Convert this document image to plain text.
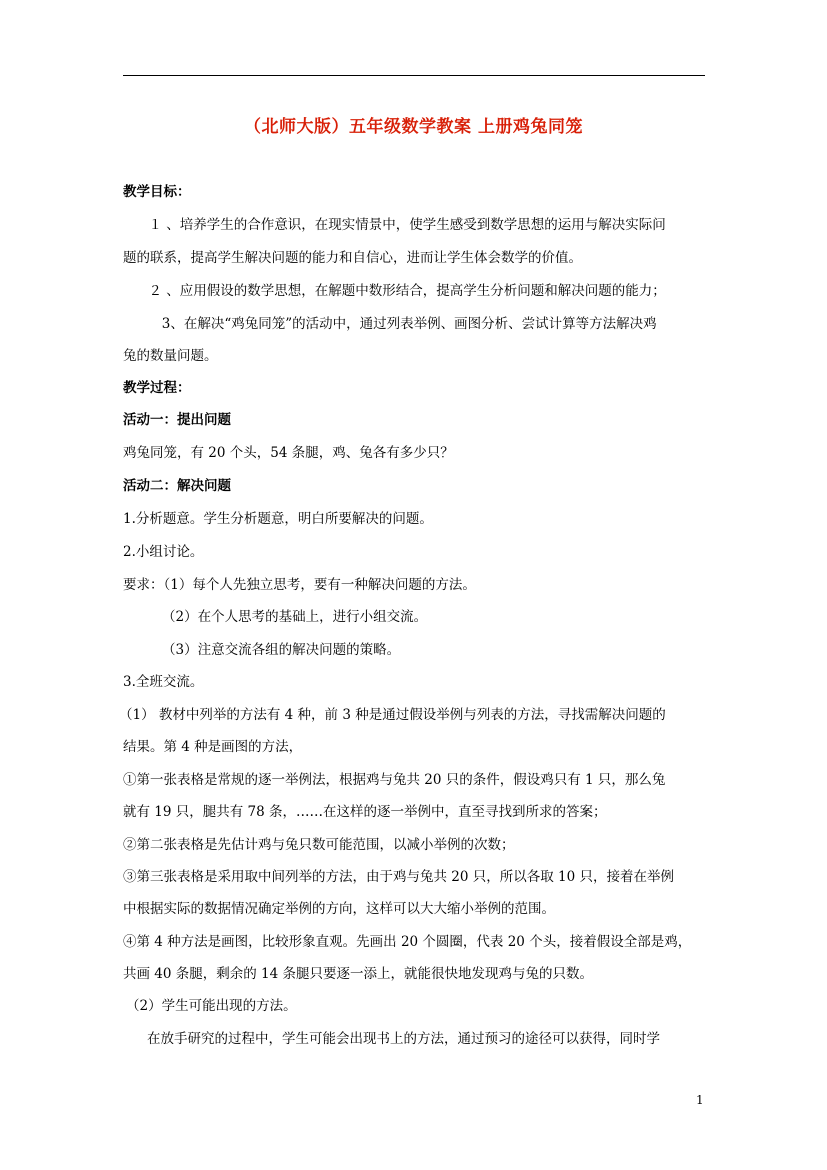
（北师大版）五年级数学教案 上册鸡兔同笼
教学目标：
　１ 、培养学生的合作意识，在现实情景中，使学生感受到数学思想的运用与解决实际问
题的联系，提高学生解决问题的能力和自信心，进而让学生体会数学的价值。
　２ 、应用假设的数学思想，在解题中数形结合，提高学生分析问题和解决问题的能力；
　 3、在解决“鸡兔同笼”的活动中，通过列表举例、画图分析、尝试计算等方法解决鸡
兔的数量问题。
教学过程：
活动一：提出问题
鸡兔同笼，有 20 个头，54 条腿，鸡、兔各有多少只？
活动二：解决问题
1.分析题意。学生分析题意，明白所要解决的问题。
2.小组讨论。
要求：（1）每个人先独立思考，要有一种解决问题的方法。
（2）在个人思考的基础上，进行小组交流。
（3）注意交流各组的解决问题的策略。
3.全班交流。
（1） 教材中列举的方法有 4 种，前 3 种是通过假设举例与列表的方法，寻找需解决问题的
结果。第 4 种是画图的方法，
①第一张表格是常规的逐一举例法，根据鸡与兔共 20 只的条件，假设鸡只有 1 只，那么兔
就有 19 只，腿共有 78 条，……在这样的逐一举例中，直至寻找到所求的答案；
②第二张表格是先估计鸡与兔只数可能范围，以减小举例的次数；
③第三张表格是采用取中间列举的方法，由于鸡与兔共 20 只，所以各取 10 只，接着在举例
中根据实际的数据情况确定举例的方向，这样可以大大缩小举例的范围。
④第 4 种方法是画图，比较形象直观。先画出 20 个圆圈，代表 20 个头，接着假设全部是鸡，
共画 40 条腿，剩余的 14 条腿只要逐一添上，就能很快地发现鸡与兔的只数。
（2）学生可能出现的方法。
在放手研究的过程中，学生可能会出现书上的方法，通过预习的途径可以获得，同时学
1
